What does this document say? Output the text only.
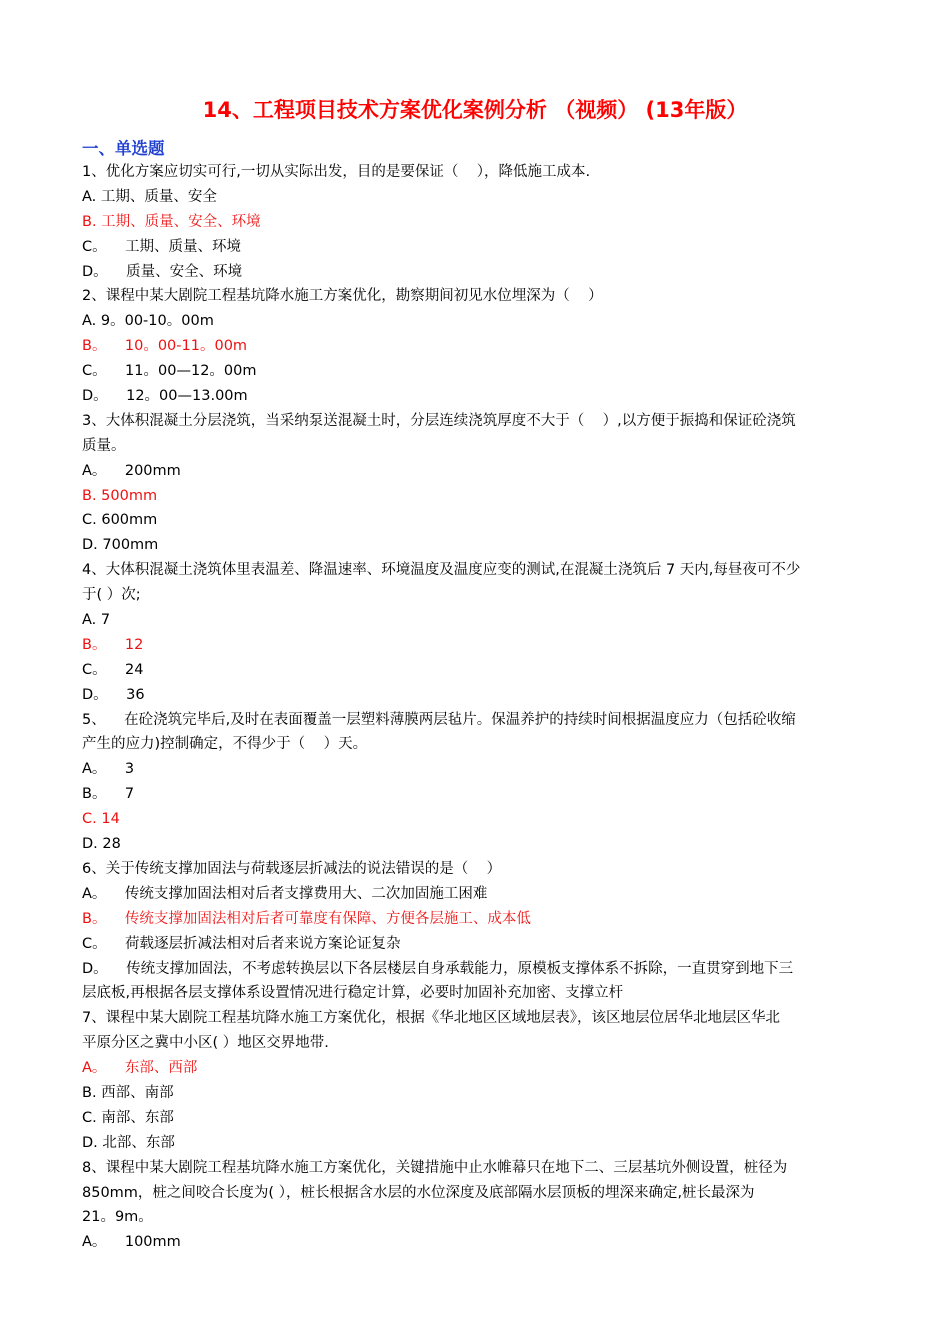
14、工程项目技术方案优化案例分析 （视频） (13年版）
一、单选题
1、优化方案应切实可行,一切从实际出发，目的是要保证（    ），降低施工成本.
A. 工期、质量、安全
B. 工期、质量、安全、环境
C。    工期、质量、环境
D。    质量、安全、环境
2、课程中某大剧院工程基坑降水施工方案优化，勘察期间初见水位埋深为（    ）
A. 9。00-10。00m
B。    10。00-11。00m
C。    11。00—12。00m
D。    12。00—13.00m
3、大体积混凝土分层浇筑，当采纳泵送混凝土时，分层连续浇筑厚度不大于（    ）,以方便于振捣和保证砼浇筑
质量。
A。    200mm
B. 500mm
C. 600mm
D. 700mm
4、大体积混凝土浇筑体里表温差、降温速率、环境温度及温度应变的测试,在混凝土浇筑后 7 天内,每昼夜可不少
于( ）次;
A. 7
B。    12
C。    24
D。    36
5、    在砼浇筑完毕后,及时在表面覆盖一层塑料薄膜两层毡片。保温养护的持续时间根据温度应力（包括砼收缩
产生的应力)控制确定，不得少于（    ）天。
A。    3
B。    7
C. 14
D. 28
6、关于传统支撑加固法与荷载逐层折减法的说法错误的是（    ）
A。    传统支撑加固法相对后者支撑费用大、二次加固施工困难
B。    传统支撑加固法相对后者可靠度有保障、方便各层施工、成本低
C。    荷载逐层折减法相对后者来说方案论证复杂
D。    传统支撑加固法，不考虑转换层以下各层楼层自身承载能力，原模板支撑体系不拆除，一直贯穿到地下三
层底板,再根据各层支撑体系设置情况进行稳定计算，必要时加固补充加密、支撑立杆
7、课程中某大剧院工程基坑降水施工方案优化，根据《华北地区区域地层表》，该区地层位居华北地层区华北
平原分区之冀中小区( ）地区交界地带.
A。    东部、西部
B. 西部、南部
C. 南部、东部
D. 北部、东部
8、课程中某大剧院工程基坑降水施工方案优化，关键措施中止水帷幕只在地下二、三层基坑外侧设置，桩径为
850mm，桩之间咬合长度为( ），桩长根据含水层的水位深度及底部隔水层顶板的埋深来确定,桩长最深为
21。9m。
A。    100mm
